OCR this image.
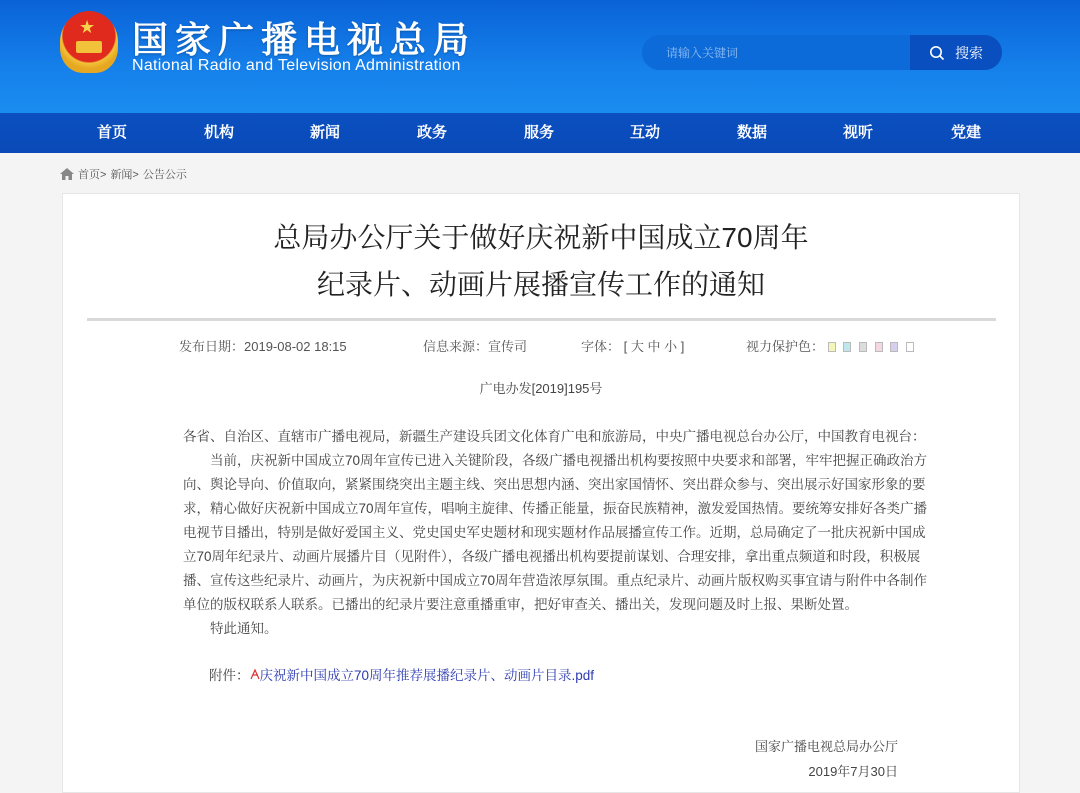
★ 国家广播电视总局
National Radio and Television Administration
请输入关键词
搜索
首页	机构	新闻	政务	服务	互动	数据	视听	党建
首页> 新闻> 公告公示
总局办公厅关于做好庆祝新中国成立70周年
纪录片、动画片展播宣传工作的通知
发布日期：2019-08-02 18:15	信息来源：宣传司	字体： [ 大 中 小 ]	视力保护色：
广电办发[2019]195号
各省、自治区、直辖市广播电视局，新疆生产建设兵团文化体育广电和旅游局，中央广播电视总台办公厅，中国教育电视台：
当前，庆祝新中国成立70周年宣传已进入关键阶段，各级广播电视播出机构要按照中央要求和部署，牢牢把握正确政治方
向、舆论导向、价值取向，紧紧围绕突出主题主线、突出思想内涵、突出家国情怀、突出群众参与、突出展示好国家形象的要
求，精心做好庆祝新中国成立70周年宣传，唱响主旋律、传播正能量，振奋民族精神，激发爱国热情。要统筹安排好各类广播
电视节目播出，特别是做好爱国主义、党史国史军史题材和现实题材作品展播宣传工作。近期，总局确定了一批庆祝新中国成
立70周年纪录片、动画片展播片目（见附件），各级广播电视播出机构要提前谋划、合理安排，拿出重点频道和时段，积极展
播、宣传这些纪录片、动画片，为庆祝新中国成立70周年营造浓厚氛围。重点纪录片、动画片版权购买事宜请与附件中各制作
单位的版权联系人联系。已播出的纪录片要注意重播重审，把好审查关、播出关，发现问题及时上报、果断处置。
特此通知。
附件： 庆祝新中国成立70周年推荐展播纪录片、动画片目录.pdf
国家广播电视总局办公厅
2019年7月30日
